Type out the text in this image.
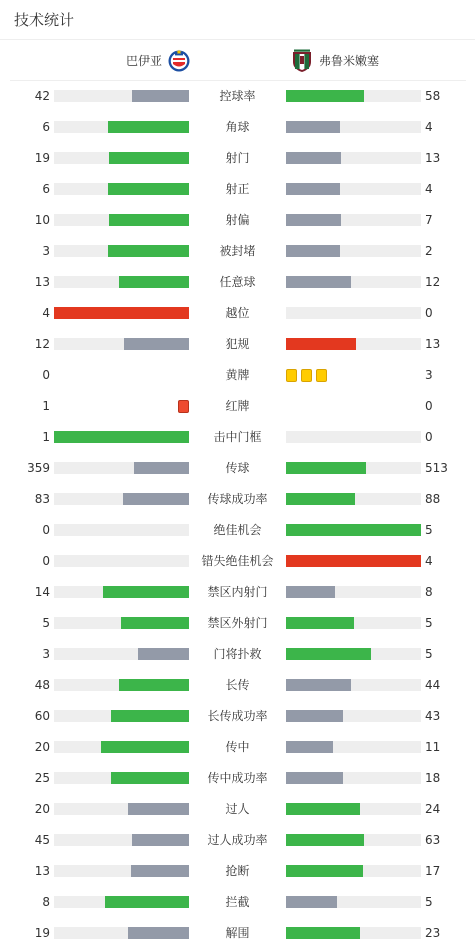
技术统计
巴伊亚	弗鲁米嫩塞
42	控球率	58
6	角球	4
19	射门	13
6	射正	4
10	射偏	7
3	被封堵	2
13	任意球	12
4	越位	0
12	犯规	13
0	黄牌	3
1	红牌	0
1	击中门框	0
359	传球	513
83	传球成功率	88
0	绝佳机会	5
0	错失绝佳机会	4
14	禁区内射门	8
5	禁区外射门	5
3	门将扑救	5
48	长传	44
60	长传成功率	43
20	传中	11
25	传中成功率	18
20	过人	24
45	过人成功率	63
13	抢断	17
8	拦截	5
19	解围	23
